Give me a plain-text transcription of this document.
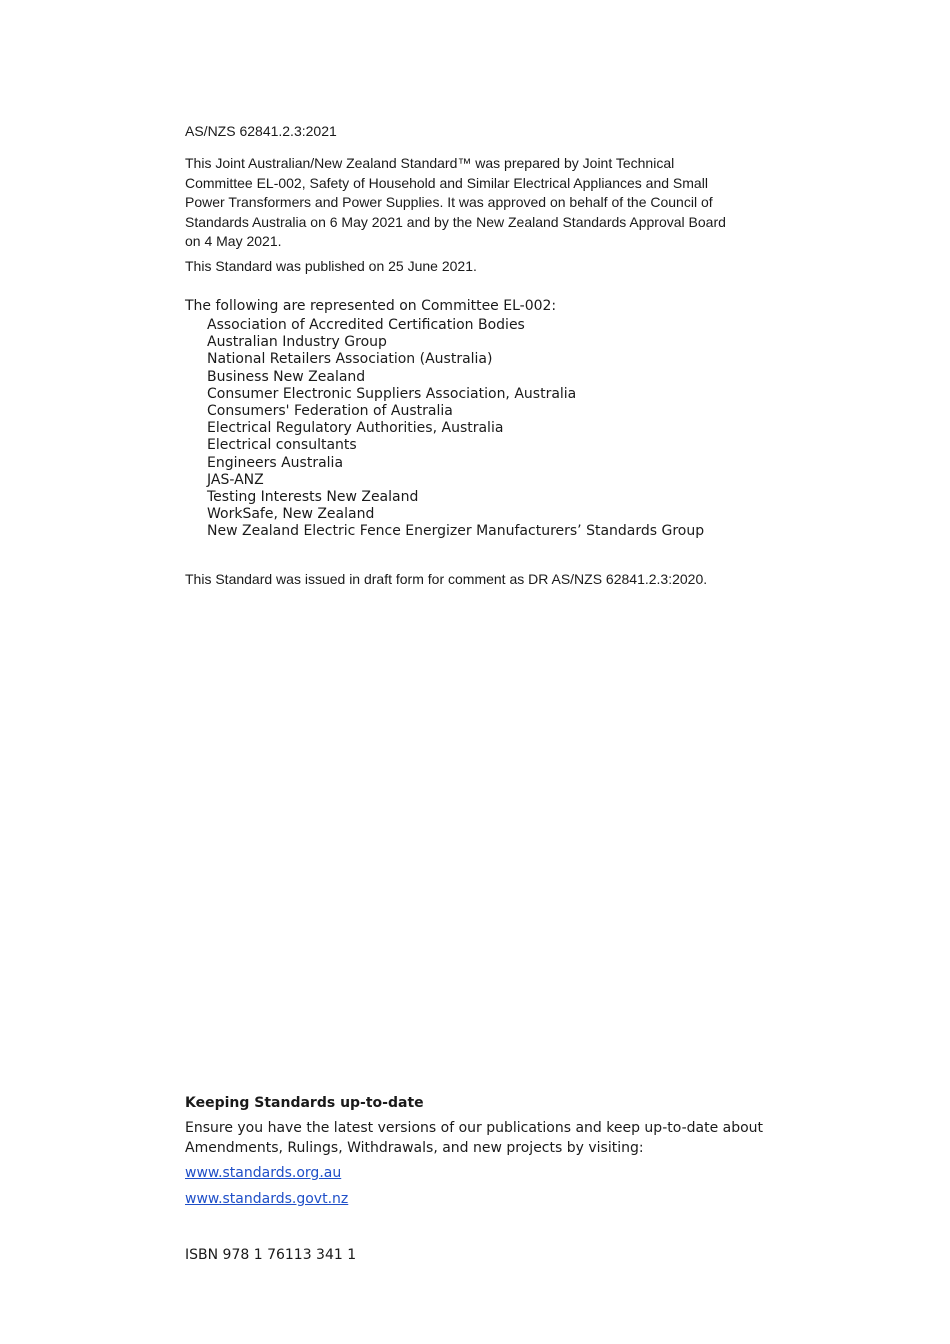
AS/NZS 62841.2.3:2021
This Joint Australian/New Zealand Standard™ was prepared by Joint Technical Committee EL-002, Safety of Household and Similar Electrical Appliances and Small Power Transformers and Power Supplies. It was approved on behalf of the Council of Standards Australia on 6 May 2021 and by the New Zealand Standards Approval Board on 4 May 2021.
This Standard was published on 25 June 2021.
The following are represented on Committee EL-002:
Association of Accredited Certification Bodies
Australian Industry Group
National Retailers Association (Australia)
Business New Zealand
Consumer Electronic Suppliers Association, Australia
Consumers' Federation of Australia
Electrical Regulatory Authorities, Australia
Electrical consultants
Engineers Australia
JAS-ANZ
Testing Interests New Zealand
WorkSafe, New Zealand
New Zealand Electric Fence Energizer Manufacturers’ Standards Group
This Standard was issued in draft form for comment as DR AS/NZS 62841.2.3:2020.
Keeping Standards up-to-date
Ensure you have the latest versions of our publications and keep up-to-date about Amendments, Rulings, Withdrawals, and new projects by visiting:
www.standards.org.au
www.standards.govt.nz
ISBN 978 1 76113 341 1
